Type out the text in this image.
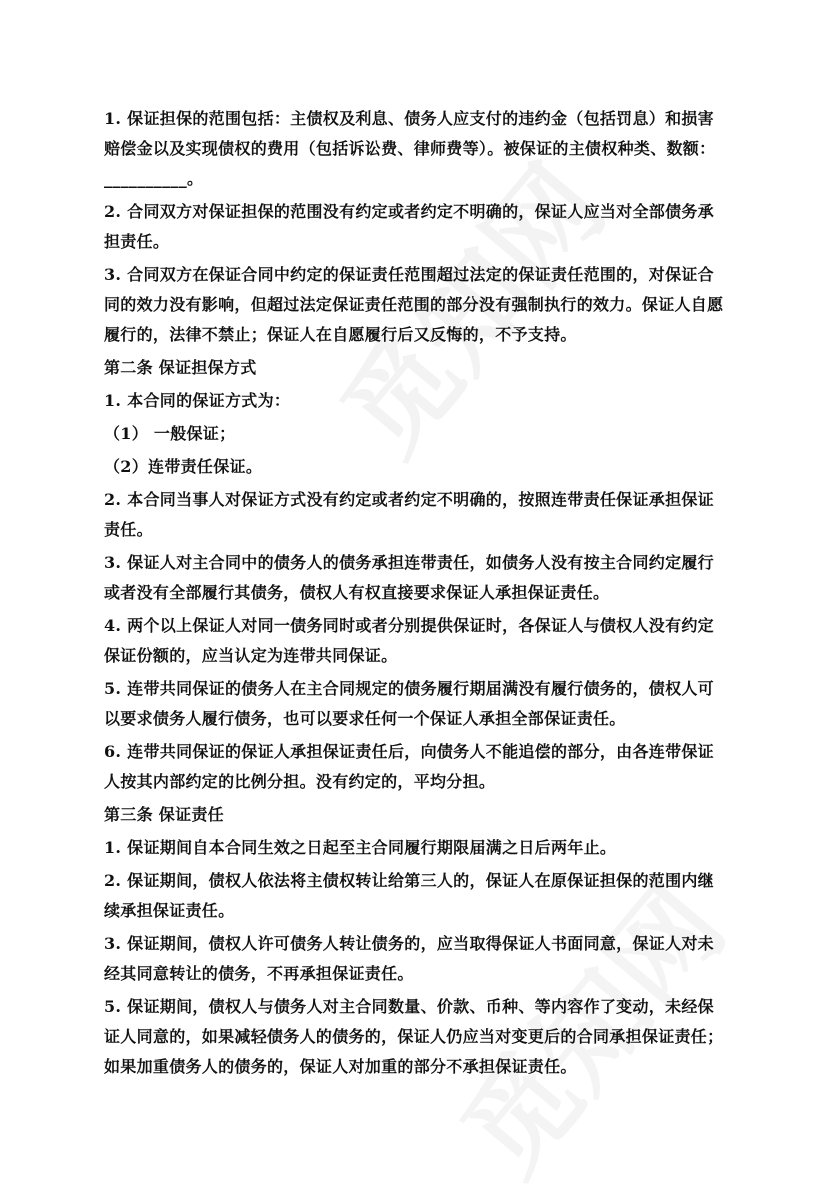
1. 保证担保的范围包括：主债权及利息、债务人应支付的违约金（包括罚息）和损害赔偿金以及实现债权的费用（包括诉讼费、律师费等）。被保证的主债权种类、数额：__________。

2. 合同双方对保证担保的范围没有约定或者约定不明确的，保证人应当对全部债务承担责任。

3. 合同双方在保证合同中约定的保证责任范围超过法定的保证责任范围的，对保证合同的效力没有影响，但超过法定保证责任范围的部分没有强制执行的效力。保证人自愿履行的，法律不禁止；保证人在自愿履行后又反悔的，不予支持。

第二条 保证担保方式

1. 本合同的保证方式为：

（1） 一般保证；

（2）连带责任保证。

2. 本合同当事人对保证方式没有约定或者约定不明确的，按照连带责任保证承担保证责任。

3. 保证人对主合同中的债务人的债务承担连带责任，如债务人没有按主合同约定履行或者没有全部履行其债务，债权人有权直接要求保证人承担保证责任。

4. 两个以上保证人对同一债务同时或者分别提供保证时，各保证人与债权人没有约定保证份额的，应当认定为连带共同保证。

5. 连带共同保证的债务人在主合同规定的债务履行期届满没有履行债务的，债权人可以要求债务人履行债务，也可以要求任何一个保证人承担全部保证责任。

6. 连带共同保证的保证人承担保证责任后，向债务人不能追偿的部分，由各连带保证人按其内部约定的比例分担。没有约定的，平均分担。

第三条 保证责任

1. 保证期间自本合同生效之日起至主合同履行期限届满之日后两年止。

2. 保证期间，债权人依法将主债权转让给第三人的，保证人在原保证担保的范围内继续承担保证责任。

3. 保证期间，债权人许可债务人转让债务的，应当取得保证人书面同意，保证人对未经其同意转让的债务，不再承担保证责任。

5. 保证期间，债权人与债务人对主合同数量、价款、币种、等内容作了变动，未经保证人同意的，如果减轻债务人的债务的，保证人仍应当对变更后的合同承担保证责任；如果加重债务人的债务的，保证人对加重的部分不承担保证责任。
